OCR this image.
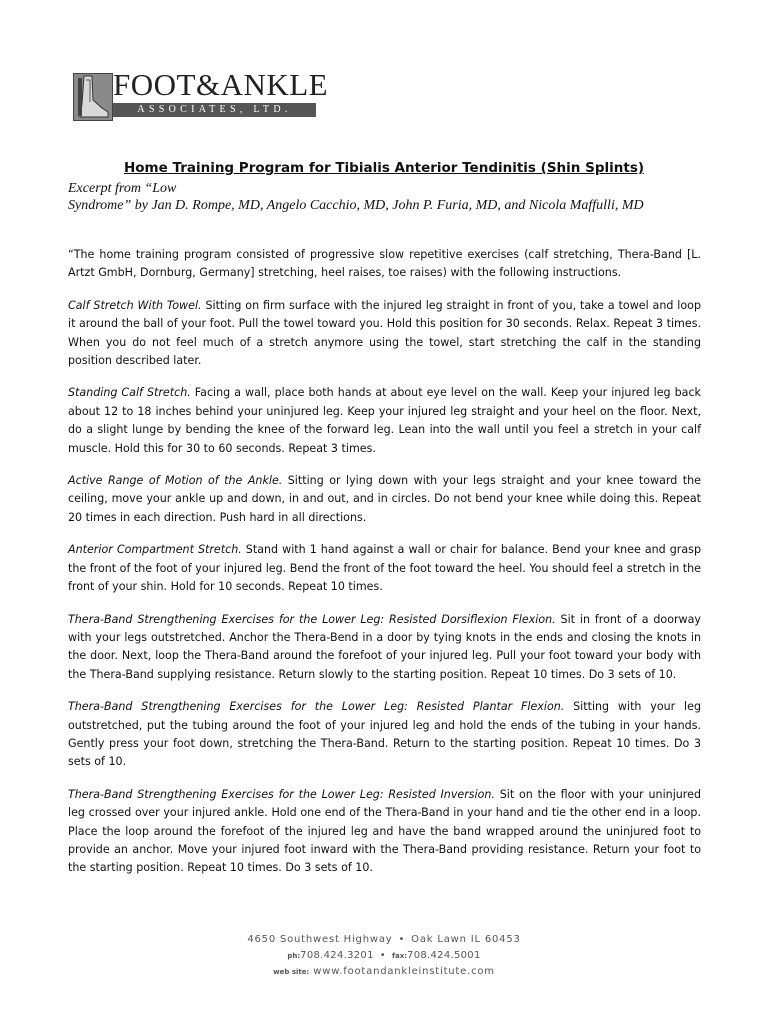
FOOT&ANKLE
ASSOCIATES, LTD.
Home Training Program for Tibialis Anterior Tendinitis (Shin Splints)
Excerpt from “Low
Syndrome” by Jan D. Rompe, MD, Angelo Cacchio, MD, John P. Furia, MD, and Nicola Maffulli, MD

“The home training program consisted of progressive slow repetitive exercises (calf stretching, Thera-Band [L. Artzt GmbH, Dornburg, Germany] stretching, heel raises, toe raises) with the following instructions.

Calf Stretch With Towel. Sitting on firm surface with the injured leg straight in front of you, take a towel and loop it around the ball of your foot. Pull the towel toward you. Hold this position for 30 seconds. Relax. Repeat 3 times. When you do not feel much of a stretch anymore using the towel, start stretching the calf in the standing position described later.

Standing Calf Stretch. Facing a wall, place both hands at about eye level on the wall. Keep your injured leg back about 12 to 18 inches behind your uninjured leg. Keep your injured leg straight and your heel on the floor. Next, do a slight lunge by bending the knee of the forward leg. Lean into the wall until you feel a stretch in your calf muscle. Hold this for 30 to 60 seconds. Repeat 3 times.

Active Range of Motion of the Ankle. Sitting or lying down with your legs straight and your knee toward the ceiling, move your ankle up and down, in and out, and in circles. Do not bend your knee while doing this. Repeat 20 times in each direction. Push hard in all directions.

Anterior Compartment Stretch. Stand with 1 hand against a wall or chair for balance. Bend your knee and grasp the front of the foot of your injured leg. Bend the front of the foot toward the heel. You should feel a stretch in the front of your shin. Hold for 10 seconds. Repeat 10 times.

Thera-Band Strengthening Exercises for the Lower Leg: Resisted Dorsiflexion Flexion. Sit in front of a doorway with your legs outstretched. Anchor the Thera-Bend in a door by tying knots in the ends and closing the knots in the door. Next, loop the Thera-Band around the forefoot of your injured leg. Pull your foot toward your body with the Thera-Band supplying resistance. Return slowly to the starting position. Repeat 10 times. Do 3 sets of 10.

Thera-Band Strengthening Exercises for the Lower Leg: Resisted Plantar Flexion. Sitting with your leg outstretched, put the tubing around the foot of your injured leg and hold the ends of the tubing in your hands. Gently press your foot down, stretching the Thera-Band. Return to the starting position. Repeat 10 times. Do 3 sets of 10.

Thera-Band Strengthening Exercises for the Lower Leg: Resisted Inversion. Sit on the floor with your uninjured leg crossed over your injured ankle. Hold one end of the Thera-Band in your hand and tie the other end in a loop. Place the loop around the forefoot of the injured leg and have the band wrapped around the uninjured foot to provide an anchor. Move your injured foot inward with the Thera-Band providing resistance. Return your foot to the starting position. Repeat 10 times. Do 3 sets of 10.

4650 Southwest Highway • Oak Lawn IL 60453
ph:708.424.3201 • fax:708.424.5001
web site: www.footandankleinstitute.com
